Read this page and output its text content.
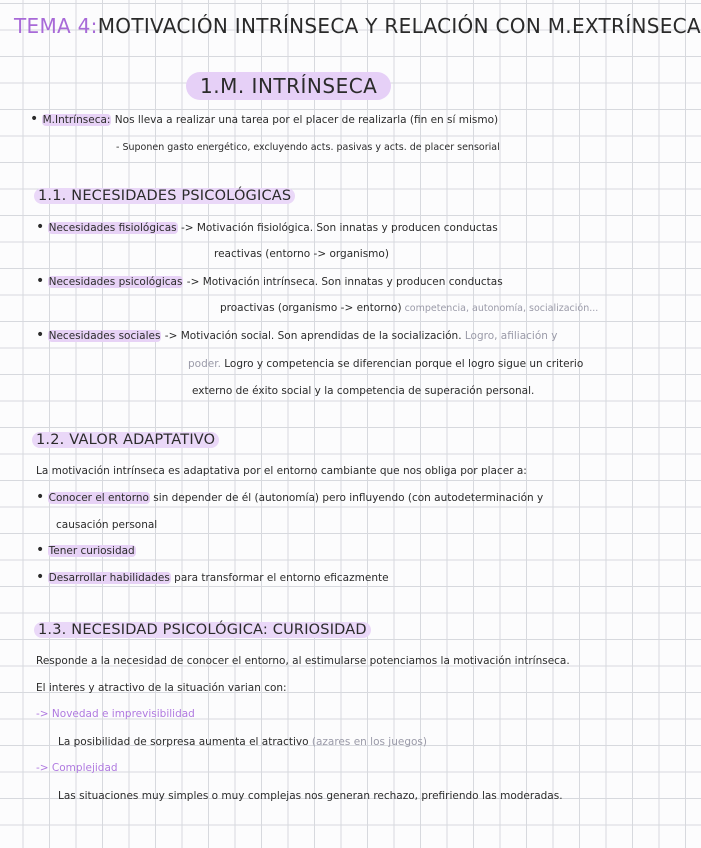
TEMA 4:MOTIVACIÓN INTRÍNSECA Y RELACIÓN CON M.EXTRÍNSECA
1.M. INTRÍNSECA
• M.Intrínseca: Nos lleva a realizar una tarea por el placer de realizarla (fin en sí mismo)
- Suponen gasto energético, excluyendo acts. pasivas y acts. de placer sensorial
1.1. NECESIDADES PSICOLÓGICAS
• Necesidades fisiológicas -> Motivación fisiológica. Son innatas y producen conductas
reactivas (entorno -> organismo)
• Necesidades psicológicas -> Motivación intrínseca. Son innatas y producen conductas
proactivas (organismo -> entorno) competencia, autonomía, socialización...
• Necesidades sociales -> Motivación social. Son aprendidas de la socialización. Logro, afiliación y
poder. Logro y competencia se diferencian porque el logro sigue un criterio
externo de éxito social y la competencia de superación personal.
1.2. VALOR ADAPTATIVO
La motivación intrínseca es adaptativa por el entorno cambiante que nos obliga por placer a:
• Conocer el entorno sin depender de él (autonomía) pero influyendo (con autodeterminación y
causación personal
• Tener curiosidad
• Desarrollar habilidades para transformar el entorno eficazmente
1.3. NECESIDAD PSICOLÓGICA: CURIOSIDAD
Responde a la necesidad de conocer el entorno, al estimularse potenciamos la motivación intrínseca.
El interes y atractivo de la situación varian con:
-> Novedad e imprevisibilidad
La posibilidad de sorpresa aumenta el atractivo (azares en los juegos)
-> Complejidad
Las situaciones muy simples o muy complejas nos generan rechazo, prefiriendo las moderadas.
